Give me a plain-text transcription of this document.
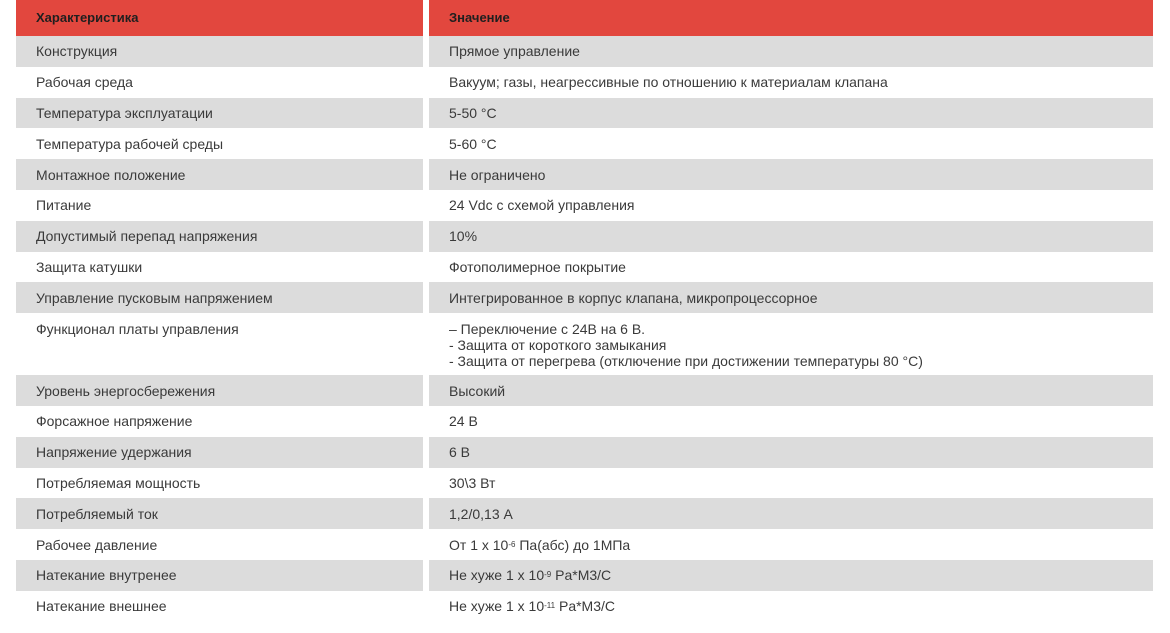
Характеристика	Значение
Конструкция	Прямое управление
Рабочая среда	Вакуум; газы, неагрессивные по отношению к материалам клапана
Температура эксплуатации	5-50 °С
Температура рабочей среды	5-60 °С
Монтажное положение	Не ограничено
Питание	24 Vdc с схемой управления
Допустимый перепад напряжения	10%
Защита катушки	Фотополимерное покрытие
Управление пусковым напряжением	Интегрированное в корпус клапана, микропроцессорное
Функционал платы управления	– Переключение с 24В на 6 В.
- Защита от короткого замыкания
- Защита от перегрева (отключение при достижении температуры 80 °С)
Уровень энергосбережения	Высокий
Форсажное напряжение	24 В
Напряжение удержания	6 В
Потребляемая мощность	30\3 Вт
Потребляемый ток	1,2/0,13 А
Рабочее давление	От 1 x 10 -6 Па(абс) до 1МПа
Натекание внутренее	Не хуже 1 x 10 -9 Pa*M3/C
Натекание внешнее	Не хуже 1 x 10 -11 Pa*M3/C
